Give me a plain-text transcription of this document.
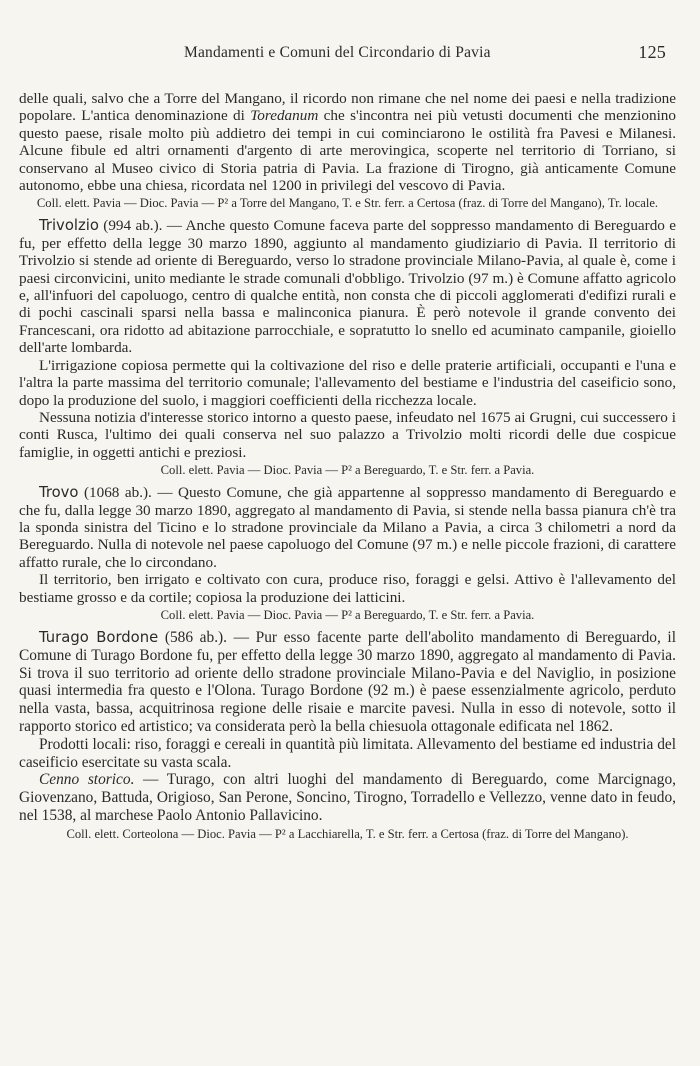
Mandamenti e Comuni del Circondario di Pavia	125

delle quali, salvo che a Torre del Mangano, il ricordo non rimane che nel nome dei paesi e nella tradizione popolare. L'antica denominazione di Toredanum che s'incontra nei più vetusti documenti che menzionino questo paese, risale molto più addietro dei tempi in cui cominciarono le ostilità fra Pavesi e Milanesi. Alcune fibule ed altri ornamenti d'argento di arte merovingica, scoperte nel territorio di Torriano, si conservano al Museo civico di Storia patria di Pavia. La frazione di Tirogno, già anticamente Comune autonomo, ebbe una chiesa, ricordata nel 1200 in privilegi del vescovo di Pavia.

Coll. elett. Pavia — Dioc. Pavia — P² a Torre del Mangano, T. e Str. ferr. a Certosa (fraz. di Torre del Mangano), Tr. locale.

Trivolzio (994 ab.). — Anche questo Comune faceva parte del soppresso mandamento di Bereguardo e fu, per effetto della legge 30 marzo 1890, aggiunto al mandamento giudiziario di Pavia. Il territorio di Trivolzio si stende ad oriente di Bereguardo, verso lo stradone provinciale Milano-Pavia, al quale è, come i paesi circonvicini, unito mediante le strade comunali d'obbligo. Trivolzio (97 m.) è Comune affatto agricolo e, all'infuori del capoluogo, centro di qualche entità, non consta che di piccoli agglomerati d'edifizi rurali e di pochi cascinali sparsi nella bassa e malinconica pianura. È però notevole il grande convento dei Francescani, ora ridotto ad abitazione parrocchiale, e sopratutto lo snello ed acuminato campanile, gioiello dell'arte lombarda.

L'irrigazione copiosa permette qui la coltivazione del riso e delle praterie artificiali, occupanti e l'una e l'altra la parte massima del territorio comunale; l'allevamento del bestiame e l'industria del caseificio sono, dopo la produzione del suolo, i maggiori coefficienti della ricchezza locale.

Nessuna notizia d'interesse storico intorno a questo paese, infeudato nel 1675 ai Grugni, cui successero i conti Rusca, l'ultimo dei quali conserva nel suo palazzo a Trivolzio molti ricordi delle due cospicue famiglie, in oggetti antichi e preziosi.

Coll. elett. Pavia — Dioc. Pavia — P² a Bereguardo, T. e Str. ferr. a Pavia.

Trovo (1068 ab.). — Questo Comune, che già appartenne al soppresso mandamento di Bereguardo e che fu, dalla legge 30 marzo 1890, aggregato al mandamento di Pavia, si stende nella bassa pianura ch'è tra la sponda sinistra del Ticino e lo stradone provinciale da Milano a Pavia, a circa 3 chilometri a nord da Bereguardo. Nulla di notevole nel paese capoluogo del Comune (97 m.) e nelle piccole frazioni, di carattere affatto rurale, che lo circondano.

Il territorio, ben irrigato e coltivato con cura, produce riso, foraggi e gelsi. Attivo è l'allevamento del bestiame grosso e da cortile; copiosa la produzione dei latticini.

Coll. elett. Pavia — Dioc. Pavia — P² a Bereguardo, T. e Str. ferr. a Pavia.

Turago Bordone (586 ab.). — Pur esso facente parte dell'abolito mandamento di Bereguardo, il Comune di Turago Bordone fu, per effetto della legge 30 marzo 1890, aggregato al mandamento di Pavia. Si trova il suo territorio ad oriente dello stradone provinciale Milano-Pavia e del Naviglio, in posizione quasi intermedia fra questo e l'Olona. Turago Bordone (92 m.) è paese essenzialmente agricolo, perduto nella vasta, bassa, acquitrinosa regione delle risaie e marcite pavesi. Nulla in esso di notevole, sotto il rapporto storico ed artistico; va considerata però la bella chiesuola ottagonale edificata nel 1862.

Prodotti locali: riso, foraggi e cereali in quantità più limitata. Allevamento del bestiame ed industria del caseificio esercitate su vasta scala.

Cenno storico. — Turago, con altri luoghi del mandamento di Bereguardo, come Marcignago, Giovenzano, Battuda, Origioso, San Perone, Soncino, Tirogno, Torradello e Vellezzo, venne dato in feudo, nel 1538, al marchese Paolo Antonio Pallavicino.

Coll. elett. Corteolona — Dioc. Pavia — P² a Lacchiarella, T. e Str. ferr. a Certosa (fraz. di Torre del Mangano).
